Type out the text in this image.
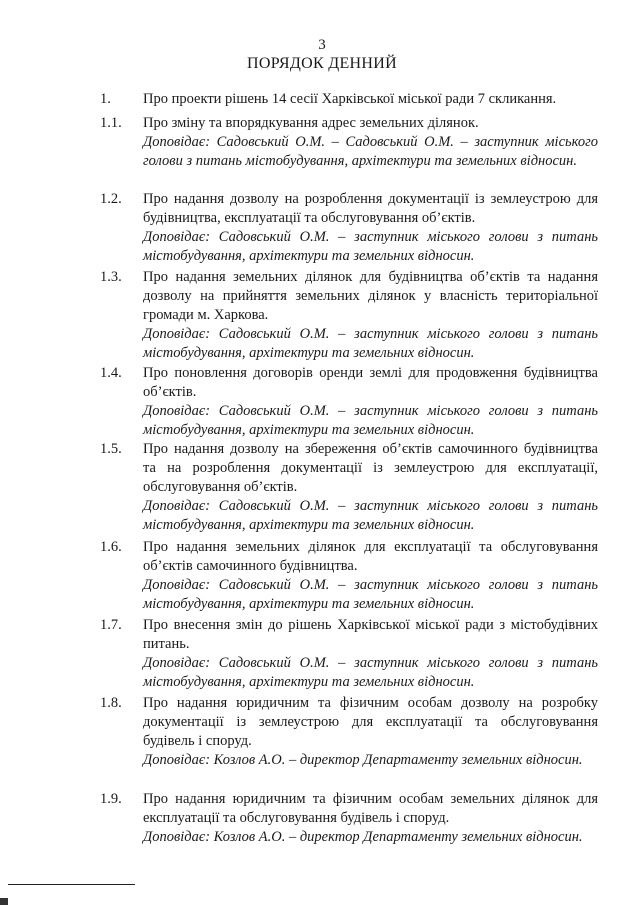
3
ПОРЯДОК ДЕННИЙ
1. Про проекти рішень 14 сесії Харківської міської ради 7 скликання.
1.1. Про зміну та впорядкування адрес земельних ділянок.
Доповідає: Садовський О.М. – Садовський О.М. – заступник міського голови з питань містобудування, архітектури та земельних відносин.
1.2. Про надання дозволу на розроблення документації із землеустрою для будівництва, експлуатації та обслуговування об’єктів.
Доповідає: Садовський О.М. – заступник міського голови з питань містобудування, архітектури та земельних відносин.
1.3. Про надання земельних ділянок для будівництва об’єктів та надання дозволу на прийняття земельних ділянок у власність територіальної громади м. Харкова.
Доповідає: Садовський О.М. – заступник міського голови з питань містобудування, архітектури та земельних відносин.
1.4. Про поновлення договорів оренди землі для продовження будівництва об’єктів.
Доповідає: Садовський О.М. – заступник міського голови з питань містобудування, архітектури та земельних відносин.
1.5. Про надання дозволу на збереження об’єктів самочинного будівництва та на розроблення документації із землеустрою для експлуатації, обслуговування об’єктів.
Доповідає: Садовський О.М. – заступник міського голови з питань містобудування, архітектури та земельних відносин.
1.6. Про надання земельних ділянок для експлуатації та обслуговування об’єктів самочинного будівництва.
Доповідає: Садовський О.М. – заступник міського голови з питань містобудування, архітектури та земельних відносин.
1.7. Про внесення змін до рішень Харківської міської ради з містобудівних питань.
Доповідає: Садовський О.М. – заступник міського голови з питань містобудування, архітектури та земельних відносин.
1.8. Про надання юридичним та фізичним особам дозволу на розробку документації із землеустрою для експлуатації та обслуговування будівель і споруд.
Доповідає: Козлов А.О. – директор Департаменту земельних відносин.
1.9. Про надання юридичним та фізичним особам земельних ділянок для експлуатації та обслуговування будівель і споруд.
Доповідає: Козлов А.О. – директор Департаменту земельних відносин.
